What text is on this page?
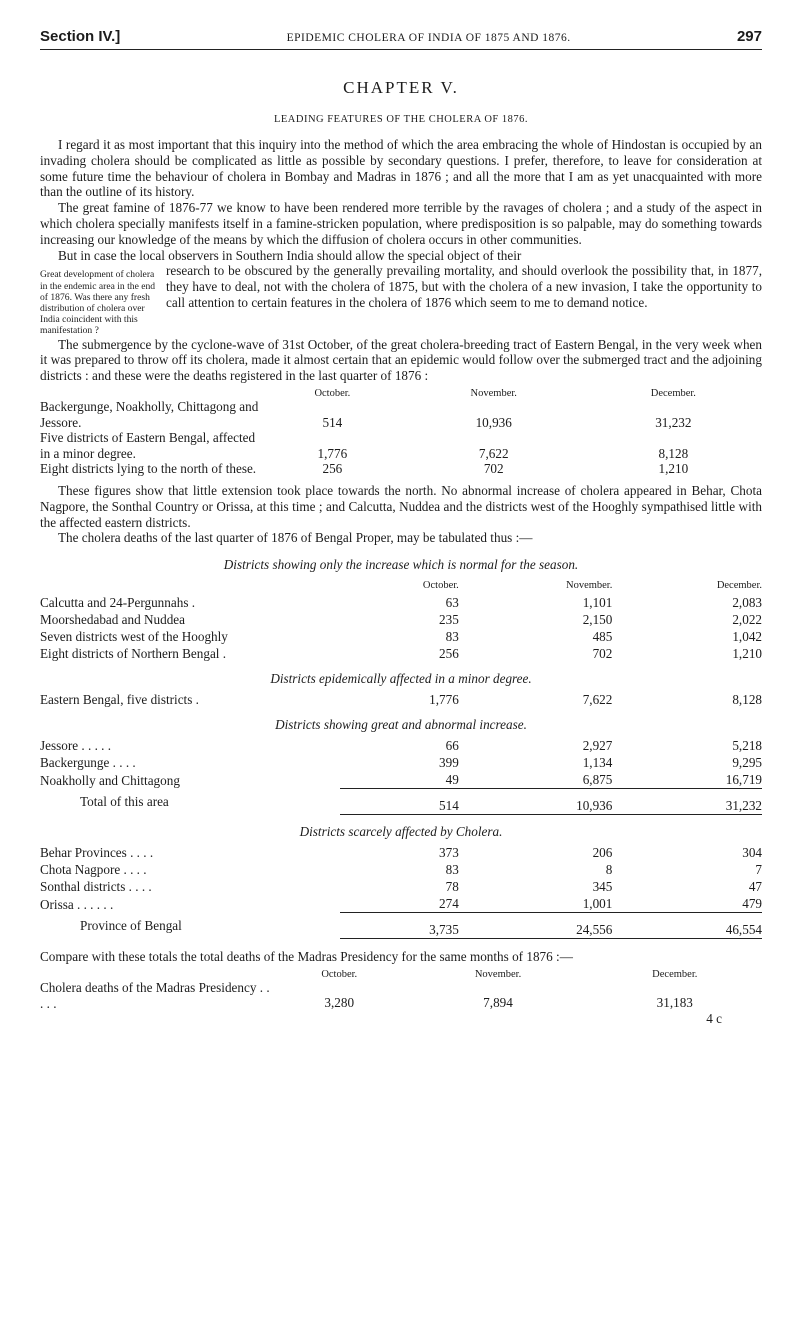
Section IV.]	EPIDEMIC CHOLERA OF INDIA OF 1875 AND 1876.	297
CHAPTER V.
LEADING FEATURES OF THE CHOLERA OF 1876.

I regard it as most important that this inquiry into the method of which the area embracing the whole of Hindostan is occupied by an invading cholera should be complicated as little as possible by secondary questions. I prefer, therefore, to leave for consideration at some future time the behaviour of cholera in Bombay and Madras in 1876 ; and all the more that I am as yet unacquainted with more than the outline of its history.

The great famine of 1876-77 we know to have been rendered more terrible by the ravages of cholera ; and a study of the aspect in which cholera specially manifests itself in a famine-stricken population, where predisposition is so palpable, may do something towards increasing our knowledge of the means by which the diffusion of cholera occurs in other communities.

But in case the local observers in Southern India should allow the special object of their

Great development of cholera in the endemic area in the end of 1876. Was there any fresh distribution of cholera over India coincident with this manifestation ?

research to be obscured by the generally prevailing mortality, and should overlook the possibility that, in 1877, they have to deal, not with the cholera of 1875, but with the cholera of a new invasion, I take the opportunity to call attention to certain features in the cholera of 1876 which seem to me to demand notice.

The submergence by the cyclone-wave of 31st October, of the great cholera-breeding tract of Eastern Bengal, in the very week when it was prepared to throw off its cholera, made it almost certain that an epidemic would follow over the submerged tract and the adjoining districts : and these were the deaths registered in the last quarter of 1876 :

	October.	November.	December.
Backergunge, Noakholly, Chittagong and Jessore.	514	10,936	31,232
Five districts of Eastern Bengal, affected in a minor degree.	1,776	7,622	8,128
Eight districts lying to the north of these.	256	702	1,210

These figures show that little extension took place towards the north. No abnormal increase of cholera appeared in Behar, Chota Nagpore, the Sonthal Country or Orissa, at this time ; and Calcutta, Nuddea and the districts west of the Hooghly sympathised little with the affected eastern districts.

The cholera deaths of the last quarter of 1876 of Bengal Proper, may be tabulated thus :—

Districts showing only the increase which is normal for the season.			
	October.	November.	December.
Calcutta and 24-Pergunnahs .	63	1,101	2,083
Moorshedabad and Nuddea	235	2,150	2,022
Seven districts west of the Hooghly	83	485	1,042
Eight districts of Northern Bengal .	256	702	1,210
Districts epidemically affected in a minor degree.			
Eastern Bengal, five districts .	1,776	7,622	8,128
Districts showing great and abnormal increase.			
Jessore . . . . .	66	2,927	5,218
Backergunge . . . .	399	1,134	9,295
Noakholly and Chittagong	49	6,875	16,719
Total of this area	514	10,936	31,232
Districts scarcely affected by Cholera.			
Behar Provinces . . . .	373	206	304
Chota Nagpore . . . .	83	8	7
Sonthal districts . . . .	78	345	47
Orissa . . . . . .	274	1,001	479
Province of Bengal	3,735	24,556	46,554

Compare with these totals the total deaths of the Madras Presidency for the same months of 1876 :—

	October.	November.	December.
Cholera deaths of the Madras Presidency . . . . .	3,280	7,894	31,183
4 c
